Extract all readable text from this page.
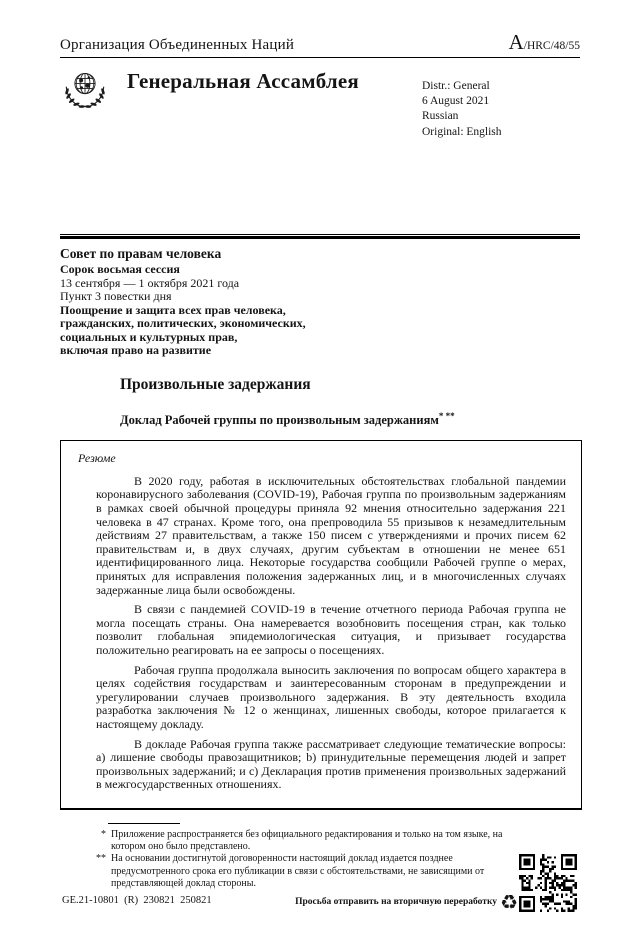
Организация Объединенных Наций	A/HRC/48/55
Генеральная Ассамблея	Distr.: General
6 August 2021
Russian
Original: English
Совет по правам человека
Сорок восьмая сессия
13 сентября — 1 октября 2021 года
Пункт 3 повестки дня
Поощрение и защита всех прав человека,
гражданских, политических, экономических,
социальных и культурных прав,
включая право на развитие
Произвольные задержания
Доклад Рабочей группы по произвольным задержаниям* **
Резюме

В 2020 году, работая в исключительных обстоятельствах глобальной пандемии коронавирусного заболевания (COVID-19), Рабочая группа по произвольным задержаниям в рамках своей обычной процедуры приняла 92 мнения относительно задержания 221 человека в 47 странах. Кроме того, она препроводила 55 призывов к незамедлительным действиям 27 правительствам, а также 150 писем с утверждениями и прочих писем 62 правительствам и, в двух случаях, другим субъектам в отношении не менее 651 идентифицированного лица. Некоторые государства сообщили Рабочей группе о мерах, принятых для исправления положения задержанных лиц, и в многочисленных случаях задержанные лица были освобождены.

В связи с пандемией COVID-19 в течение отчетного периода Рабочая группа не могла посещать страны. Она намеревается возобновить посещения стран, как только позволит глобальная эпидемиологическая ситуация, и призывает государства положительно реагировать на ее запросы о посещениях.

Рабочая группа продолжала выносить заключения по вопросам общего характера в целях содействия государствам и заинтересованным сторонам в предупреждении и урегулировании случаев произвольного задержания. В эту деятельность входила разработка заключения № 12 о женщинах, лишенных свободы, которое прилагается к настоящему докладу.

В докладе Рабочая группа также рассматривает следующие тематические вопросы: a) лишение свободы правозащитников; b) принудительные перемещения людей и запрет произвольных задержаний; и c) Декларация против применения произвольных задержаний в межгосударственных отношениях.

* Приложение распространяется без официального редактирования и только на том языке, на котором оно было представлено.
** На основании достигнутой договоренности настоящий доклад издается позднее предусмотренного срока его публикации в связи с обстоятельствами, не зависящими от представляющей доклад стороны.
GE.21-10801  (R)  230821  250821	Просьба отправить на вторичную переработку ♻
